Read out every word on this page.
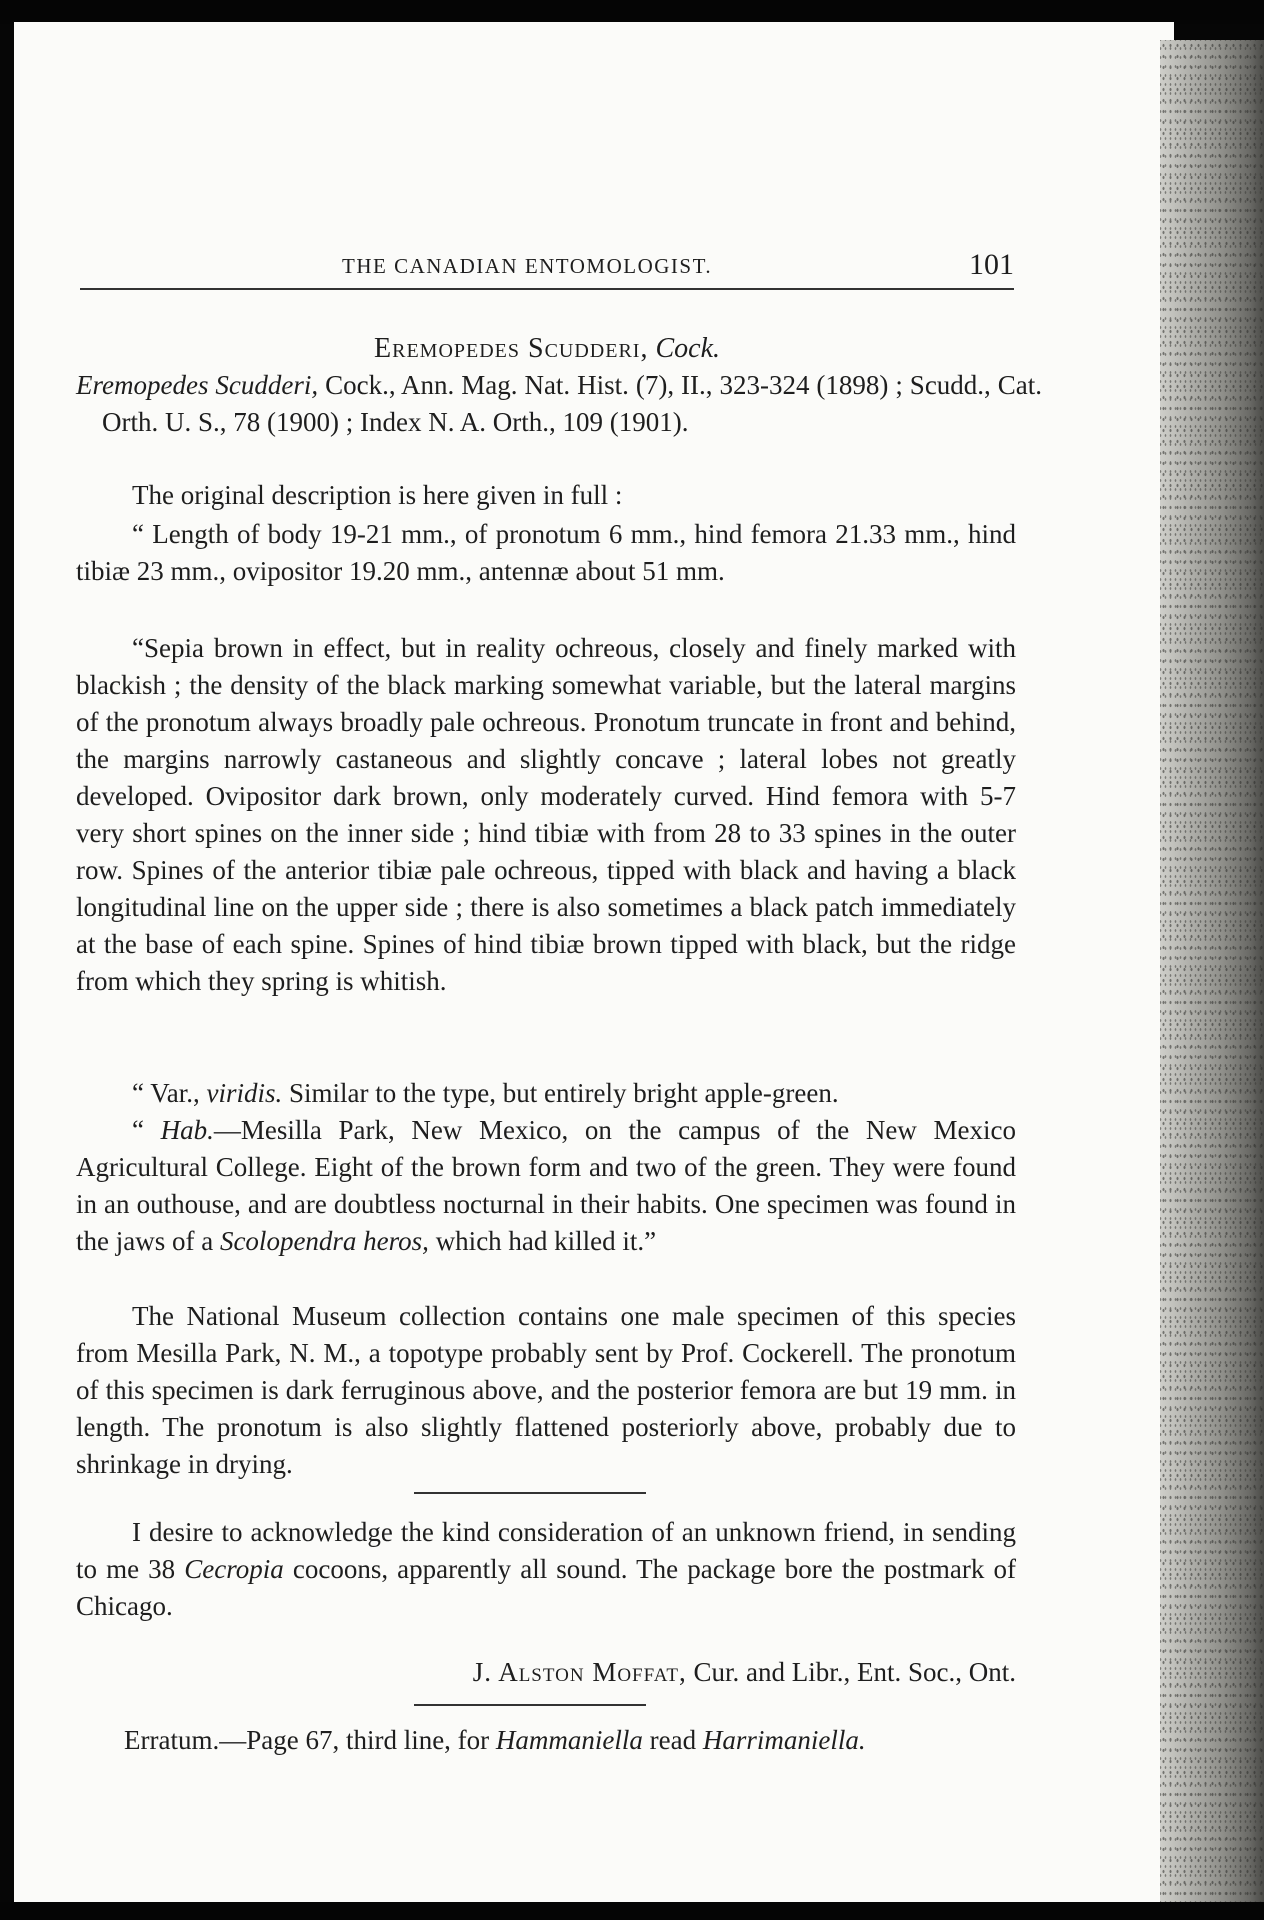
THE CANADIAN ENTOMOLOGIST.	101
Eremopedes Scudderi, Cock.

Eremopedes Scudderi, Cock., Ann. Mag. Nat. Hist. (7), II., 323-324 (1898) ; Scudd., Cat. Orth. U. S., 78 (1900) ; Index N. A. Orth., 109 (1901).

The original description is here given in full :

“ Length of body 19-21 mm., of pronotum 6 mm., hind femora 21.33 mm., hind tibiæ 23 mm., ovipositor 19.20 mm., antennæ about 51 mm.

“Sepia brown in effect, but in reality ochreous, closely and finely marked with blackish ; the density of the black marking somewhat variable, but the lateral margins of the pronotum always broadly pale ochreous. Pronotum truncate in front and behind, the margins narrowly castaneous and slightly concave ; lateral lobes not greatly developed. Ovipositor dark brown, only moderately curved. Hind femora with 5-7 very short spines on the inner side ; hind tibiæ with from 28 to 33 spines in the outer row. Spines of the anterior tibiæ pale ochreous, tipped with black and having a black longitudinal line on the upper side ; there is also sometimes a black patch immediately at the base of each spine. Spines of hind tibiæ brown tipped with black, but the ridge from which they spring is whitish.

“ Var., viridis. Similar to the type, but entirely bright apple-green.

“ Hab.—Mesilla Park, New Mexico, on the campus of the New Mexico Agricultural College. Eight of the brown form and two of the green. They were found in an outhouse, and are doubtless nocturnal in their habits. One specimen was found in the jaws of a Scolopendra heros, which had killed it.”

The National Museum collection contains one male specimen of this species from Mesilla Park, N. M., a topotype probably sent by Prof. Cockerell. The pronotum of this specimen is dark ferruginous above, and the posterior femora are but 19 mm. in length. The pronotum is also slightly flattened posteriorly above, probably due to shrinkage in drying.

I desire to acknowledge the kind consideration of an unknown friend, in sending to me 38 Cecropia cocoons, apparently all sound. The package bore the postmark of Chicago.

J. Alston Moffat, Cur. and Libr., Ent. Soc., Ont.

Erratum.—Page 67, third line, for Hammaniella read Harrimaniella.
